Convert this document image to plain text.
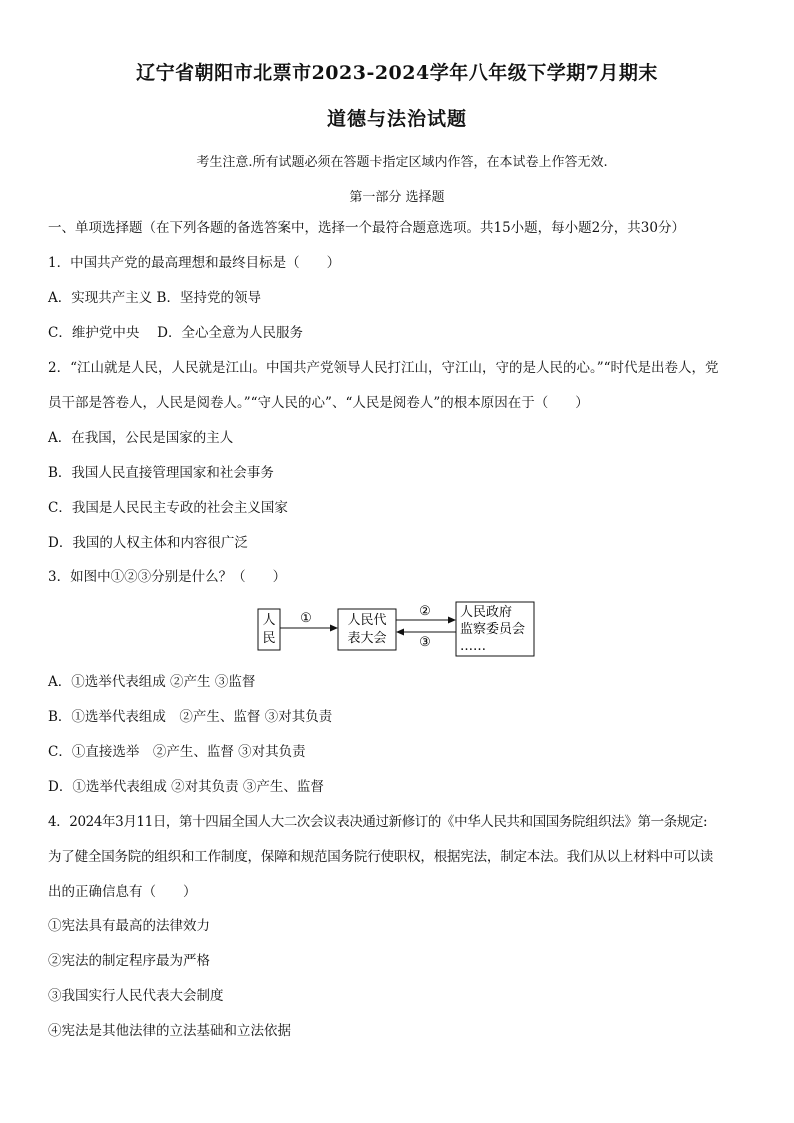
辽宁省朝阳市北票市2023-2024学年八年级下学期7月期末
道德与法治试题
考生注意.所有试题必须在答题卡指定区域内作答，在本试卷上作答无效.
第一部分 选择题
一、单项选择题（在下列各题的备选答案中，选择一个最符合题意选项。共15小题，每小题2分，共30分）
1．中国共产党的最高理想和最终目标是（　　）
A．实现共产主义 B．坚持党的领导
C．维护党中央　 D．全心全意为人民服务
2．“江山就是人民，人民就是江山。中国共产党领导人民打江山，守江山，守的是人民的心。”“时代是出卷人，党
员干部是答卷人，人民是阅卷人。”“守人民的心”、“人民是阅卷人”的根本原因在于（　　）
A．在我国，公民是国家的主人
B．我国人民直接管理国家和社会事务
C．我国是人民民主专政的社会主义国家
D．我国的人权主体和内容很广泛
3．如图中①②③分别是什么？（　　）
人
民
①	人民代
表大会
②
③
人民政府
监察委员会
……
A．①选举代表组成 ②产生 ③监督
B．①选举代表组成　②产生、监督 ③对其负责
C．①直接选举　②产生、监督 ③对其负责
D．①选举代表组成 ②对其负责 ③产生、监督
4．2024年3月11日，第十四届全国人大二次会议表决通过新修订的《中华人民共和国国务院组织法》第一条规定:
为了健全国务院的组织和工作制度，保障和规范国务院行使职权，根据宪法，制定本法。我们从以上材料中可以读
出的正确信息有（　　）
①宪法具有最高的法律效力
②宪法的制定程序最为严格
③我国实行人民代表大会制度
④宪法是其他法律的立法基础和立法依据
